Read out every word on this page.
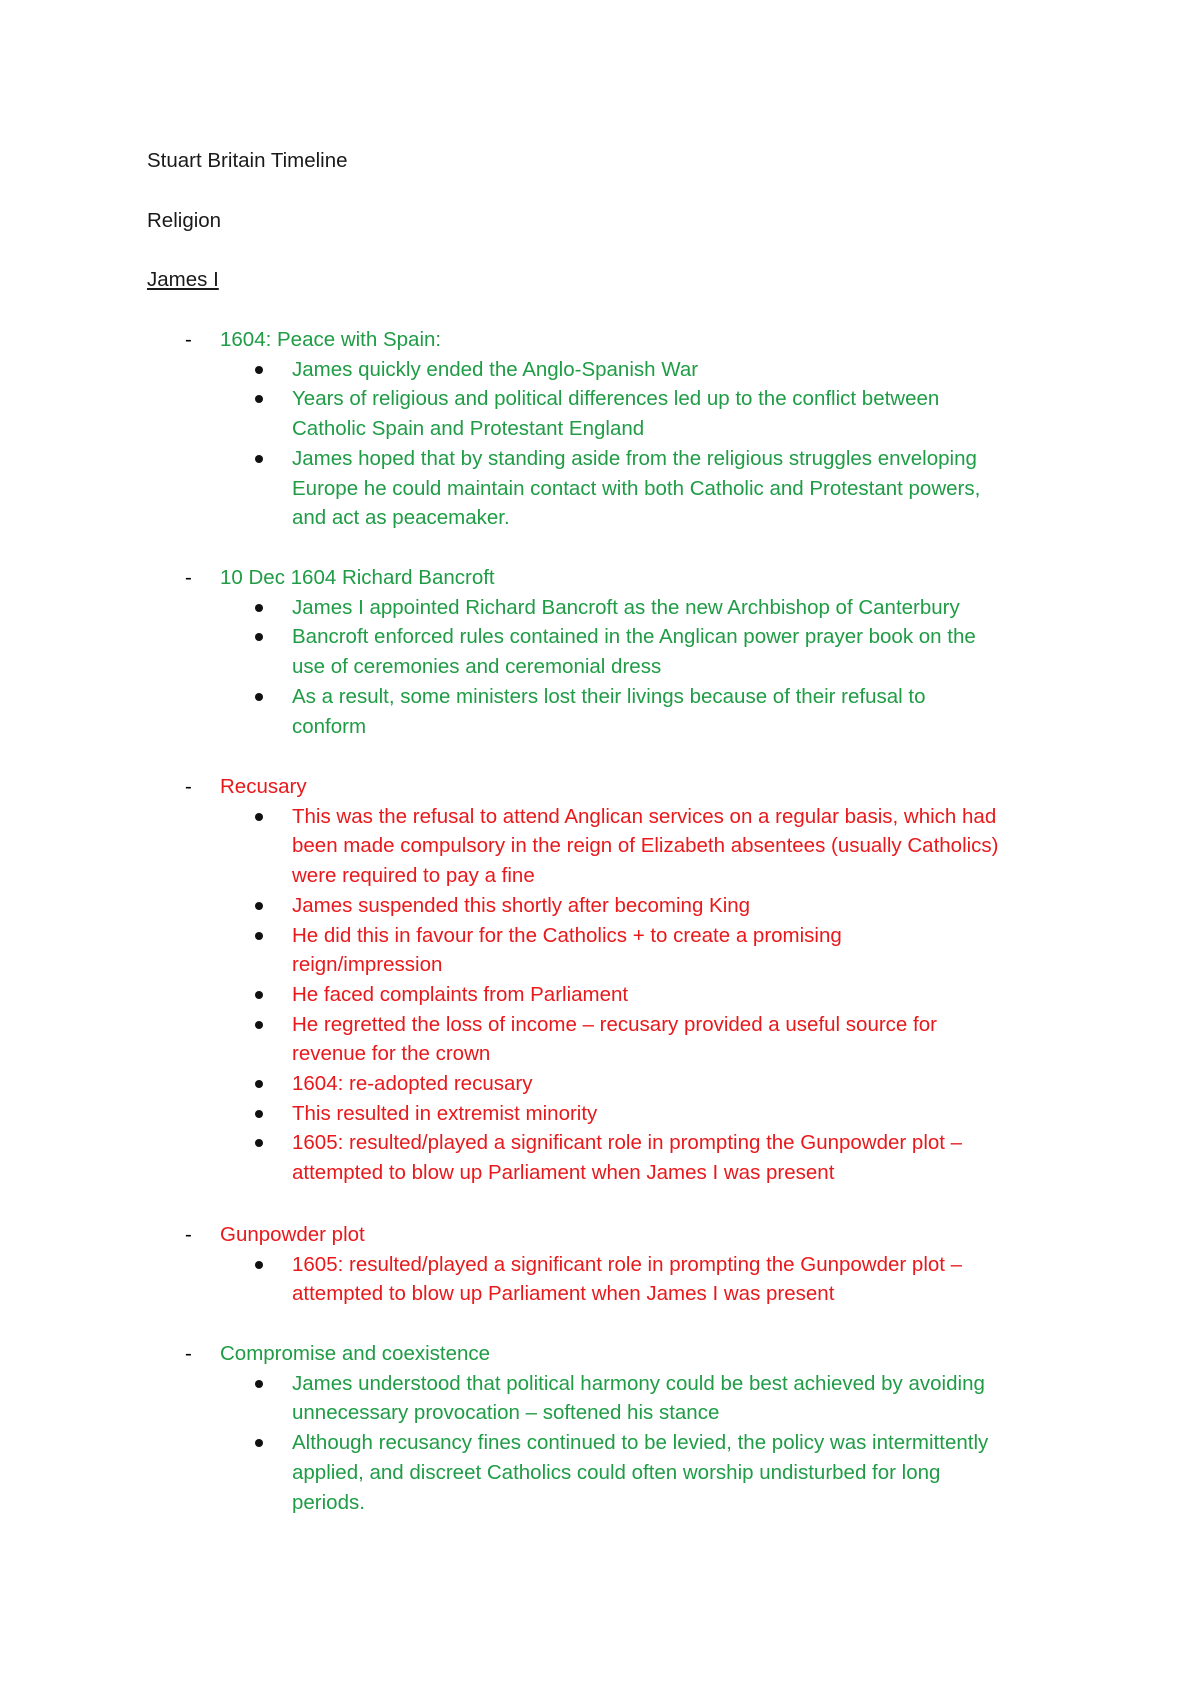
Stuart Britain Timeline
Religion
James I
- 1604: Peace with Spain:
James quickly ended the Anglo-Spanish War
Years of religious and political differences led up to the conflict between
Catholic Spain and Protestant England
James hoped that by standing aside from the religious struggles enveloping
Europe he could maintain contact with both Catholic and Protestant powers,
and act as peacemaker.
- 10 Dec 1604 Richard Bancroft
James I appointed Richard Bancroft as the new Archbishop of Canterbury
Bancroft enforced rules contained in the Anglican power prayer book on the
use of ceremonies and ceremonial dress
As a result, some ministers lost their livings because of their refusal to
conform
- Recusary
This was the refusal to attend Anglican services on a regular basis, which had
been made compulsory in the reign of Elizabeth absentees (usually Catholics)
were required to pay a fine
James suspended this shortly after becoming King
He did this in favour for the Catholics + to create a promising
reign/impression
He faced complaints from Parliament
He regretted the loss of income – recusary provided a useful source for
revenue for the crown
1604: re-adopted recusary
This resulted in extremist minority
1605: resulted/played a significant role in prompting the Gunpowder plot –
attempted to blow up Parliament when James I was present
- Gunpowder plot
1605: resulted/played a significant role in prompting the Gunpowder plot –
attempted to blow up Parliament when James I was present
- Compromise and coexistence
James understood that political harmony could be best achieved by avoiding
unnecessary provocation – softened his stance
Although recusancy fines continued to be levied, the policy was intermittently
applied, and discreet Catholics could often worship undisturbed for long
periods.
